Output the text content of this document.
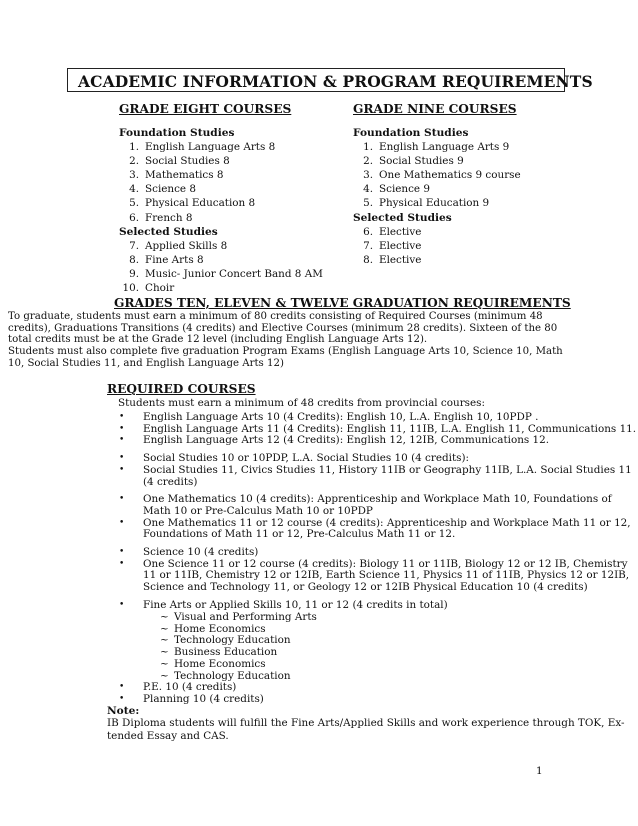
ACADEMIC INFORMATION & PROGRAM REQUIREMENTS
GRADE EIGHT COURSES
Foundation Studies
1. English Language Arts 8
2. Social Studies 8
3. Mathematics 8
4. Science 8
5. Physical Education 8
6. French 8
Selected Studies
7. Applied Skills 8
8. Fine Arts 8
9. Music- Junior Concert Band 8 AM
10. Choir
GRADE NINE COURSES
Foundation Studies
1. English Language Arts 9
2. Social Studies 9
3. One Mathematics 9 course
4. Science 9
5. Physical Education 9
Selected Studies
6. Elective
7. Elective
8. Elective
GRADES TEN, ELEVEN & TWELVE GRADUATION REQUIREMENTS
To graduate, students must earn a minimum of 80 credits consisting of Required Courses (minimum 48
credits), Graduations Transitions (4 credits) and Elective Courses (minimum 28 credits). Sixteen of the 80
total credits must be at the Grade 12 level (including English Language Arts 12).
Students must also complete five graduation Program Exams (English Language Arts 10, Science 10, Math
10, Social Studies 11, and English Language Arts 12)
REQUIRED COURSES
Students must earn a minimum of 48 credits from provincial courses:
• English Language Arts 10 (4 Credits): English 10, L.A. English 10, 10PDP .
• English Language Arts 11 (4 Credits): English 11, 11IB, L.A. English 11, Communications 11.
• English Language Arts 12 (4 Credits): English 12, 12IB, Communications 12.
• Social Studies 10 or 10PDP, L.A. Social Studies 10 (4 credits):
• Social Studies 11, Civics Studies 11, History 11IB or Geography 11IB, L.A. Social Studies 11
(4 credits)
• One Mathematics 10 (4 credits): Apprenticeship and Workplace Math 10, Foundations of
Math 10 or Pre-Calculus Math 10 or 10PDP
• One Mathematics 11 or 12 course (4 credits): Apprenticeship and Workplace Math 11 or 12,
Foundations of Math 11 or 12, Pre-Calculus Math 11 or 12.
• Science 10 (4 credits)
• One Science 11 or 12 course (4 credits): Biology 11 or 11IB, Biology 12 or 12 IB, Chemistry
11 or 11IB, Chemistry 12 or 12IB, Earth Science 11, Physics 11 of 11IB, Physics 12 or 12IB,
Science and Technology 11, or Geology 12 or 12IB Physical Education 10 (4 credits)
• Fine Arts or Applied Skills 10, 11 or 12 (4 credits in total)
~ Visual and Performing Arts
~ Home Economics
~ Technology Education
~ Business Education
~ Home Economics
~ Technology Education
• P.E. 10 (4 credits)
• Planning 10 (4 credits)
Note:
IB Diploma students will fulfill the Fine Arts/Applied Skills and work experience through TOK, Ex-
tended Essay and CAS.
1
